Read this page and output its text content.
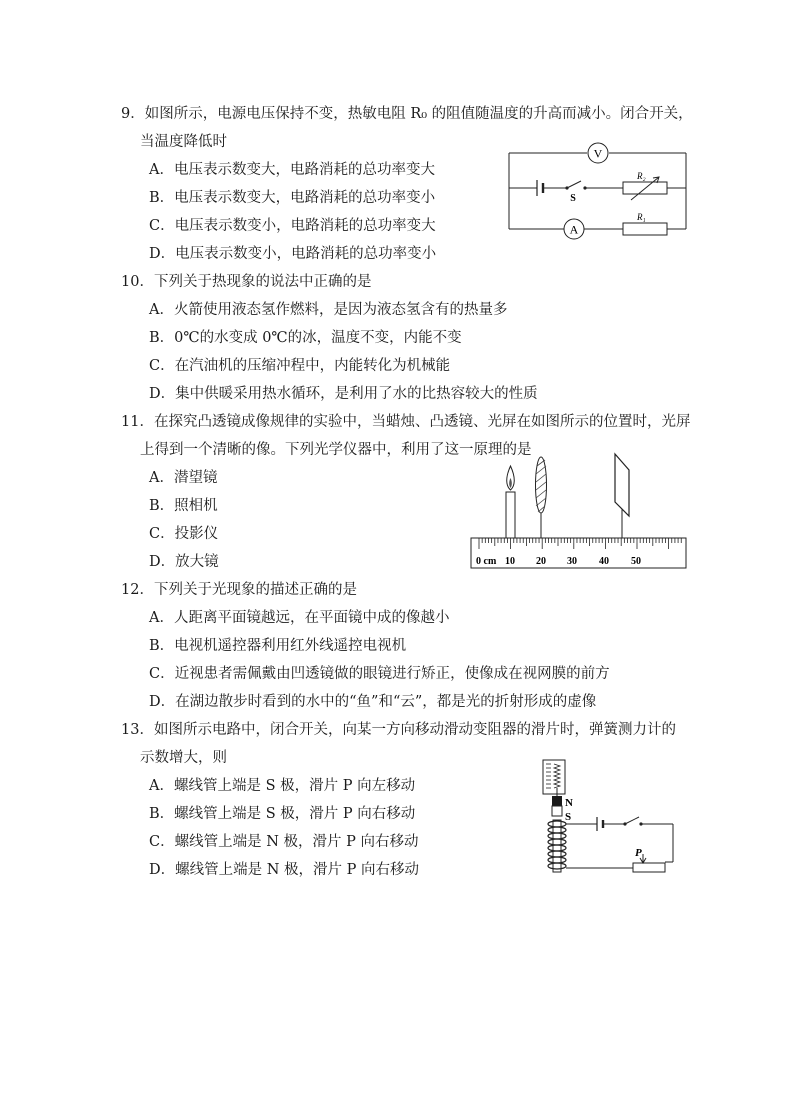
9．如图所示，电源电压保持不变，热敏电阻 R₀ 的阻值随温度的升高而减小。闭合开关，
当温度降低时
A．电压表示数变大，电路消耗的总功率变大
B．电压表示数变大，电路消耗的总功率变小
C．电压表示数变小，电路消耗的总功率变大
D．电压表示数变小，电路消耗的总功率变小
V
A
S
R₂
R₁
10．下列关于热现象的说法中正确的是
A．火箭使用液态氢作燃料，是因为液态氢含有的热量多
B．0℃的水变成 0℃的冰，温度不变，内能不变
C．在汽油机的压缩冲程中，内能转化为机械能
D．集中供暖采用热水循环，是利用了水的比热容较大的性质
11．在探究凸透镜成像规律的实验中，当蜡烛、凸透镜、光屏在如图所示的位置时，光屏
上得到一个清晰的像。下列光学仪器中，利用了这一原理的是
A．潜望镜
B．照相机
C．投影仪
D．放大镜	0 cm 10 20 30 40 50
12．下列关于光现象的描述正确的是
A．人距离平面镜越远，在平面镜中成的像越小
B．电视机遥控器利用红外线遥控电视机
C．近视患者需佩戴由凹透镜做的眼镜进行矫正，使像成在视网膜的前方
D．在湖边散步时看到的水中的“鱼”和“云”，都是光的折射形成的虚像
13．如图所示电路中，闭合开关，向某一方向移动滑动变阻器的滑片时，弹簧测力计的
示数增大，则
A．螺线管上端是 S 极，滑片 P 向左移动
B．螺线管上端是 S 极，滑片 P 向右移动
C．螺线管上端是 N 极，滑片 P 向右移动
D．螺线管上端是 N 极，滑片 P 向右移动
N
S
P
